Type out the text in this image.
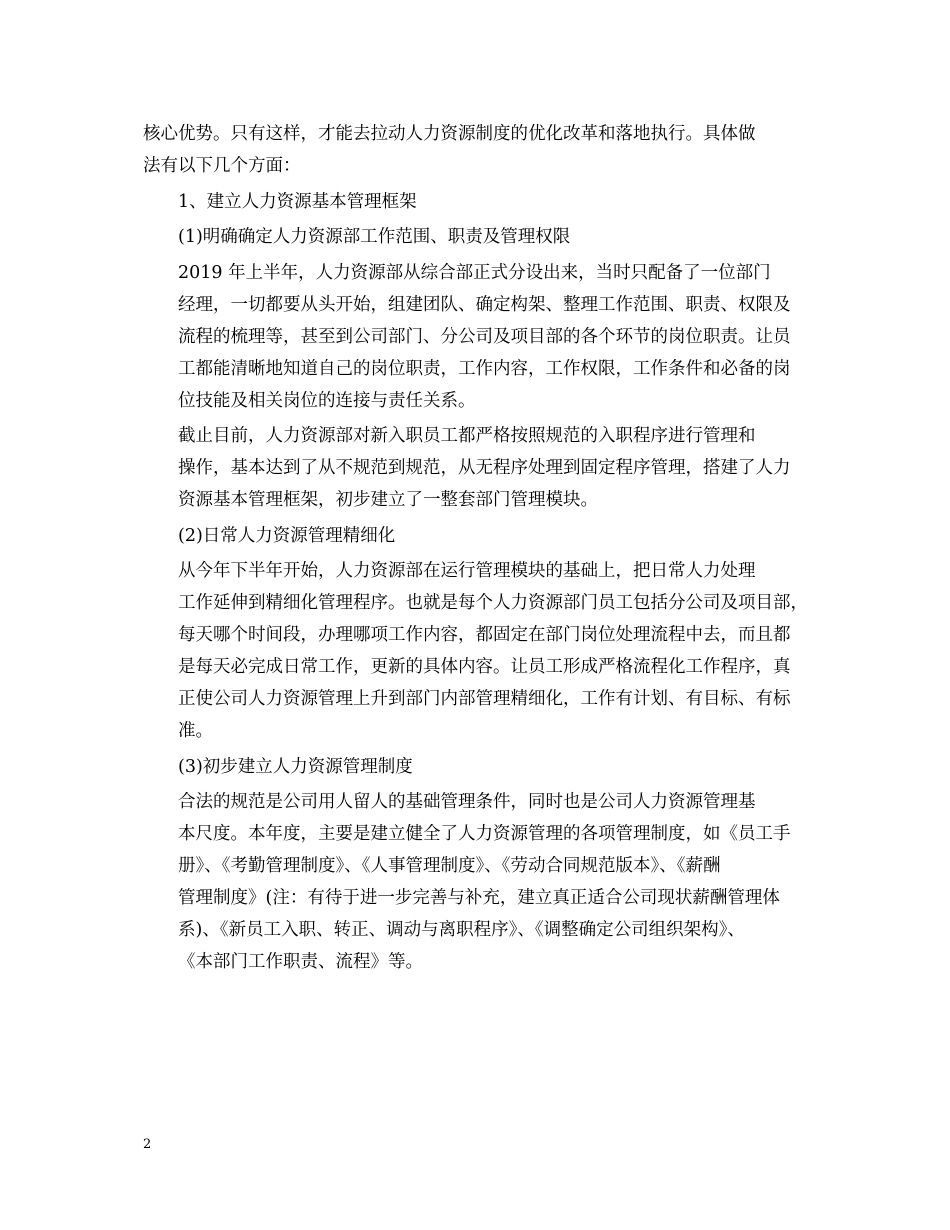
核心优势。只有这样，才能去拉动人力资源制度的优化改革和落地执行。具体做
法有以下几个方面：

1、建立人力资源基本管理框架

(1)明确确定人力资源部工作范围、职责及管理权限

2019 年上半年，人力资源部从综合部正式分设出来，当时只配备了一位部门
经理，一切都要从头开始，组建团队、确定构架、整理工作范围、职责、权限及
流程的梳理等，甚至到公司部门、分公司及项目部的各个环节的岗位职责。让员
工都能清晰地知道自己的岗位职责，工作内容，工作权限，工作条件和必备的岗
位技能及相关岗位的连接与责任关系。

截止目前，人力资源部对新入职员工都严格按照规范的入职程序进行管理和
操作，基本达到了从不规范到规范，从无程序处理到固定程序管理，搭建了人力
资源基本管理框架，初步建立了一整套部门管理模块。

(2)日常人力资源管理精细化

从今年下半年开始，人力资源部在运行管理模块的基础上，把日常人力处理
工作延伸到精细化管理程序。也就是每个人力资源部门员工包括分公司及项目部，
每天哪个时间段，办理哪项工作内容，都固定在部门岗位处理流程中去，而且都
是每天必完成日常工作，更新的具体内容。让员工形成严格流程化工作程序，真
正使公司人力资源管理上升到部门内部管理精细化，工作有计划、有目标、有标
准。

(3)初步建立人力资源管理制度

合法的规范是公司用人留人的基础管理条件，同时也是公司人力资源管理基
本尺度。本年度，主要是建立健全了人力资源管理的各项管理制度，如《员工手
册》、《考勤管理制度》、《人事管理制度》、《劳动合同规范版本》、《薪酬
管理制度》(注：有待于进一步完善与补充，建立真正适合公司现状薪酬管理体
系)、《新员工入职、转正、调动与离职程序》、《调整确定公司组织架构》、
《本部门工作职责、流程》等。

2
